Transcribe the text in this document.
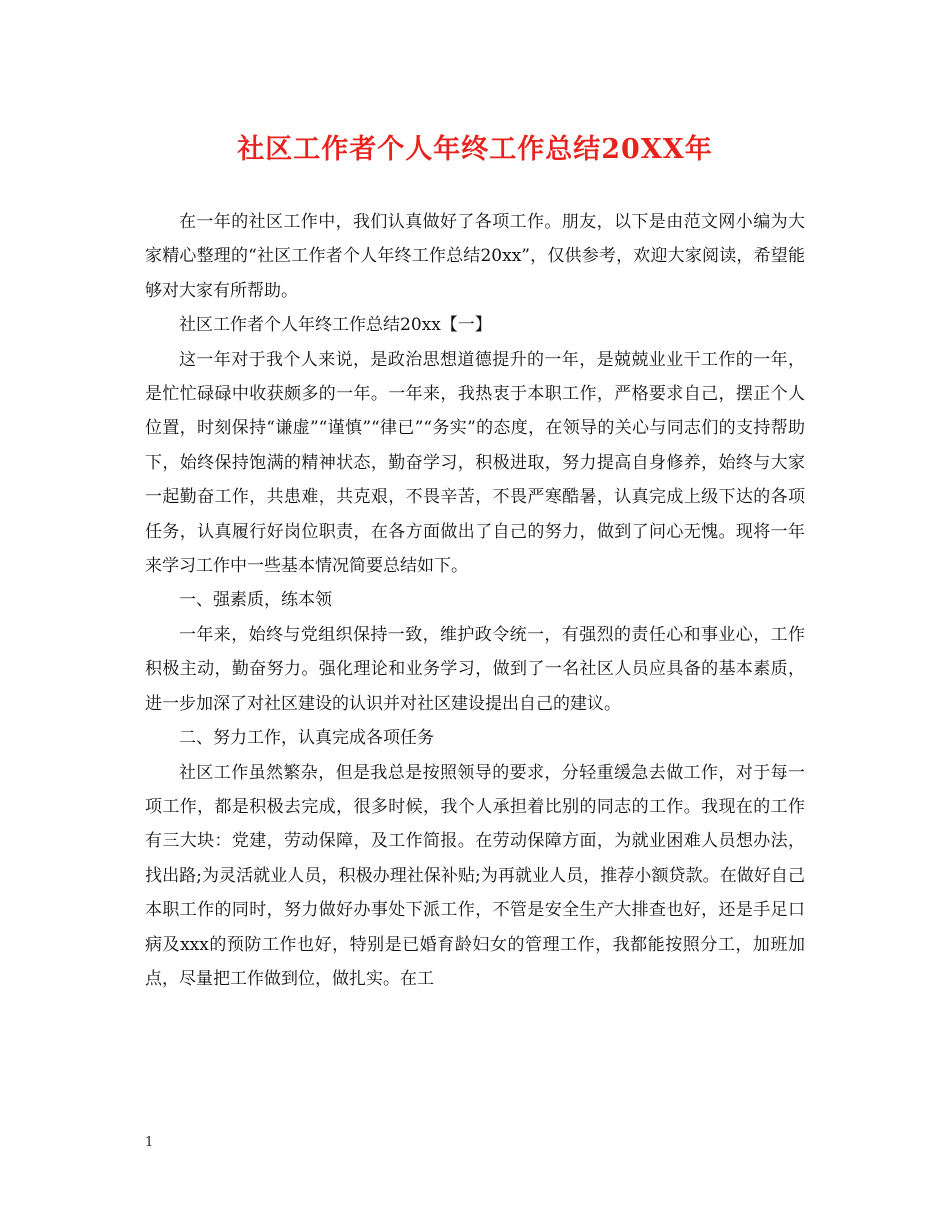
社区工作者个人年终工作总结20XX年

在一年的社区工作中，我们认真做好了各项工作。朋友，以下是由范文网小编为大家精心整理的“社区工作者个人年终工作总结20xx”，仅供参考，欢迎大家阅读，希望能够对大家有所帮助。

社区工作者个人年终工作总结20xx【一】

这一年对于我个人来说，是政治思想道德提升的一年，是兢兢业业干工作的一年，是忙忙碌碌中收获颇多的一年。一年来，我热衷于本职工作，严格要求自己，摆正个人位置，时刻保持“谦虚”“谨慎”“律已”“务实”的态度，在领导的关心与同志们的支持帮助下，始终保持饱满的精神状态，勤奋学习，积极进取，努力提高自身修养，始终与大家一起勤奋工作，共患难，共克艰，不畏辛苦，不畏严寒酷暑，认真完成上级下达的各项任务，认真履行好岗位职责，在各方面做出了自己的努力，做到了问心无愧。现将一年来学习工作中一些基本情况简要总结如下。

一、强素质，练本领

一年来，始终与党组织保持一致，维护政令统一，有强烈的责任心和事业心，工作积极主动，勤奋努力。强化理论和业务学习，做到了一名社区人员应具备的基本素质，进一步加深了对社区建设的认识并对社区建设提出自己的建议。

二、努力工作，认真完成各项任务

社区工作虽然繁杂，但是我总是按照领导的要求，分轻重缓急去做工作，对于每一项工作，都是积极去完成，很多时候，我个人承担着比别的同志的工作。我现在的工作有三大块：党建，劳动保障，及工作简报。在劳动保障方面，为就业困难人员想办法，找出路;为灵活就业人员，积极办理社保补贴;为再就业人员，推荐小额贷款。在做好自己本职工作的同时，努力做好办事处下派工作，不管是安全生产大排查也好，还是手足口病及xxx的预防工作也好，特别是已婚育龄妇女的管理工作，我都能按照分工，加班加点，尽量把工作做到位，做扎实。在工

1
